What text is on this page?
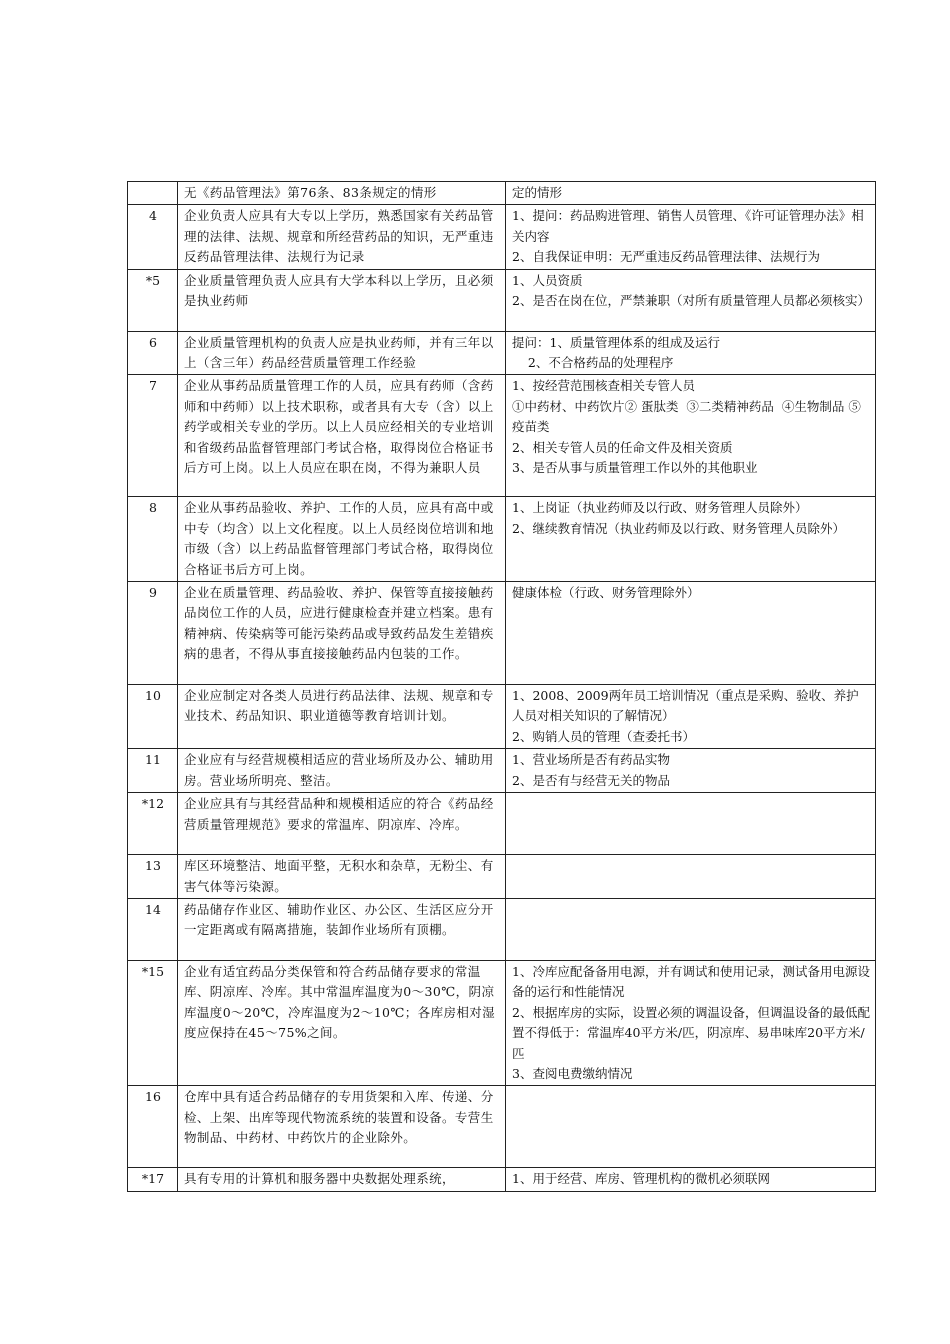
	无《药品管理法》第76条、83条规定的情形	定的情形

4	企业负责人应具有大专以上学历，熟悉国家有关药品管理的法律、法规、规章和所经营药品的知识，无严重违反药品管理法律、法规行为记录	1、提问：药品购进管理、销售人员管理、《许可证管理办法》相关内容
2、自我保证申明：无严重违反药品管理法律、法规行为

*5	企业质量管理负责人应具有大学本科以上学历，且必须是执业药师	1、人员资质
2、是否在岗在位，严禁兼职（对所有质量管理人员都必须核实）

6	企业质量管理机构的负责人应是执业药师，并有三年以上（含三年）药品经营质量管理工作经验	提问：1、质量管理体系的组成及运行
2、不合格药品的处理程序

7	企业从事药品质量管理工作的人员，应具有药师（含药师和中药师）以上技术职称，或者具有大专（含）以上药学或相关专业的学历。以上人员应经相关的专业培训和省级药品监督管理部门考试合格，取得岗位合格证书后方可上岗。以上人员应在职在岗，不得为兼职人员	1、按经营范围核查相关专管人员
①中药材、中药饮片② 蛋肽类  ③二类精神药品  ④生物制品 ⑤ 疫苗类
2、相关专管人员的任命文件及相关资质
3、是否从事与质量管理工作以外的其他职业

8	企业从事药品验收、养护、工作的人员，应具有高中或中专（均含）以上文化程度。以上人员经岗位培训和地市级（含）以上药品监督管理部门考试合格，取得岗位合格证书后方可上岗。	1、上岗证（执业药师及以行政、财务管理人员除外）
2、继续教育情况（执业药师及以行政、财务管理人员除外）

9	企业在质量管理、药品验收、养护、保管等直接接触药品岗位工作的人员，应进行健康检查并建立档案。患有精神病、传染病等可能污染药品或导致药品发生差错疾病的患者，不得从事直接接触药品内包装的工作。	健康体检（行政、财务管理除外）

10	企业应制定对各类人员进行药品法律、法规、规章和专业技术、药品知识、职业道德等教育培训计划。	1、2008、2009两年员工培训情况（重点是采购、验收、养护人员对相关知识的了解情况）
2、购销人员的管理（查委托书）

11	企业应有与经营规模相适应的营业场所及办公、辅助用房。营业场所明亮、整洁。	1、营业场所是否有药品实物
2、是否有与经营无关的物品

*12	企业应具有与其经营品种和规模相适应的符合《药品经营质量管理规范》要求的常温库、阴凉库、冷库。	

13	库区环境整洁、地面平整，无积水和杂草，无粉尘、有害气体等污染源。	

14	药品储存作业区、辅助作业区、办公区、生活区应分开一定距离或有隔离措施，装卸作业场所有顶棚。	

*15	企业有适宜药品分类保管和符合药品储存要求的常温库、阴凉库、冷库。其中常温库温度为0～30℃，阴凉库温度0～20℃，冷库温度为2～10℃；各库房相对湿度应保持在45～75%之间。	1、冷库应配备备用电源，并有调试和使用记录，测试备用电源设备的运行和性能情况
2、根据库房的实际，设置必须的调温设备，但调温设备的最低配置不得低于：常温库40平方米/匹，阴凉库、易串味库20平方米/匹
3、查阅电费缴纳情况

16	仓库中具有适合药品储存的专用货架和入库、传递、分检、上架、出库等现代物流系统的装置和设备。专营生物制品、中药材、中药饮片的企业除外。	

*17	具有专用的计算机和服务器中央数据处理系统，	1、用于经营、库房、管理机构的微机必须联网
